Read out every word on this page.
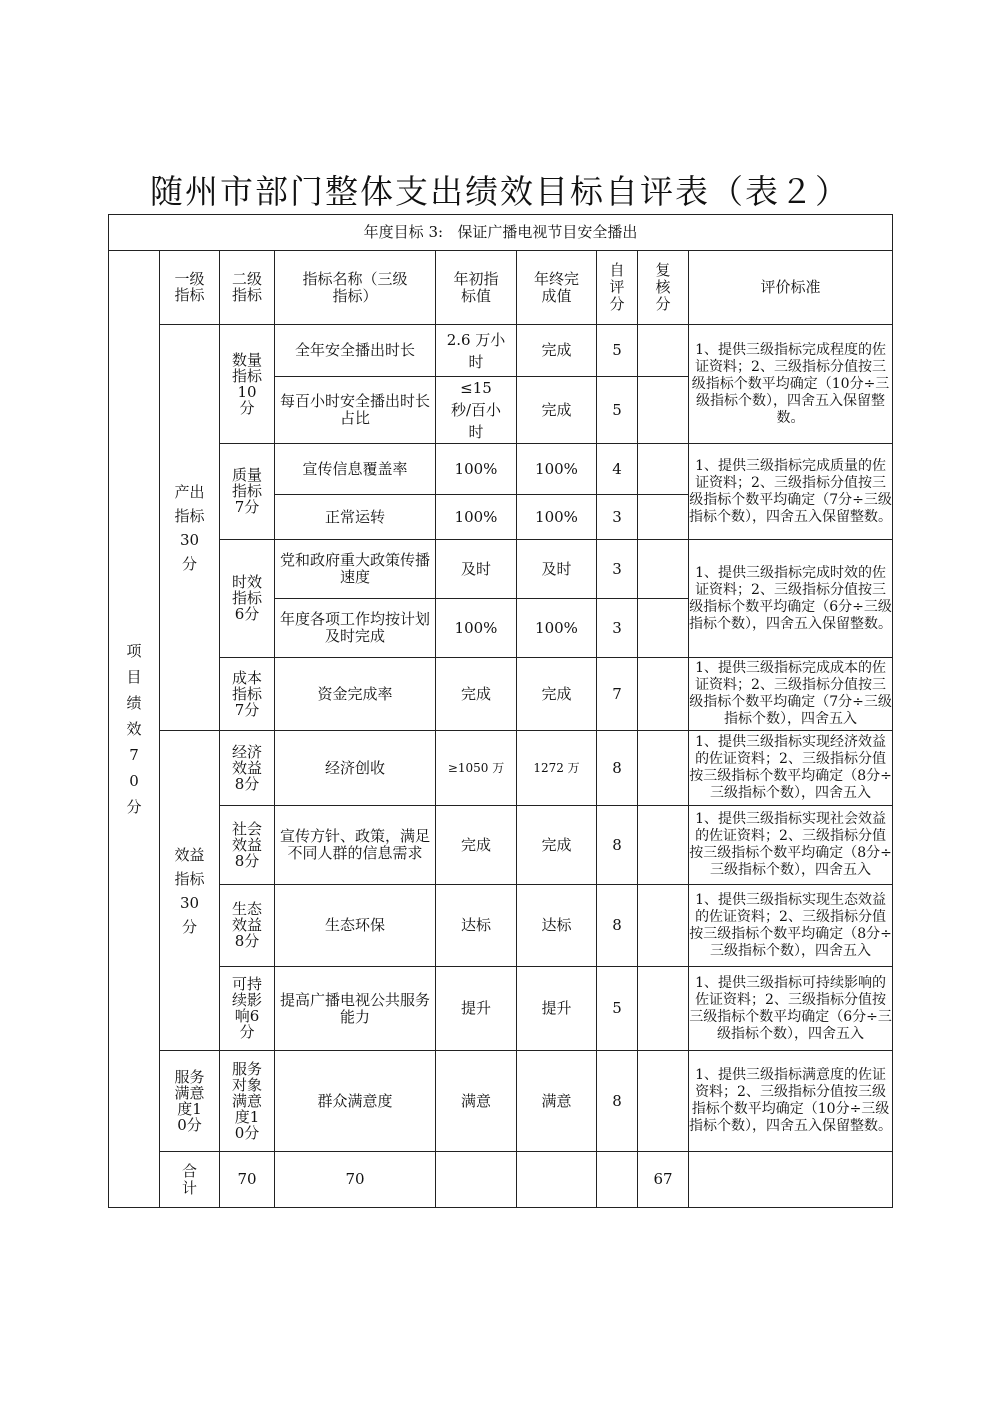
随州市部门整体支出绩效目标自评表（表２）
年度目标 3: 保证广播电视节目安全播出									
项目绩效70分	一级指标	二级指标	指标名称（三级指标）	年初指标值	年终完成值	自评分	复核分	评价标准	
	产出指标30分	数量指标10分	全年安全播出时长	2.6 万小时	完成	5		1、提供三级指标完成程度的佐证资料；2、三级指标分值按三级指标个数平均确定（10分÷三级指标个数），四舍五入保留整数。	

			每百小时安全播出时长占比	≤15 秒/百小时	完成	5			
		质量指标7分	宣传信息覆盖率	100%	100%	4		1、提供三级指标完成质量的佐证资料；2、三级指标分值按三级指标个数平均确定（7分÷三级指标个数），四舍五入保留整数。	

			正常运转	100%	100%	3			
		时效指标6分	党和政府重大政策传播速度	及时	及时	3		1、提供三级指标完成时效的佐证资料；2、三级指标分值按三级指标个数平均确定（6分÷三级指标个数），四舍五入保留整数。	

			年度各项工作均按计划及时完成	100%	100%	3			
		成本指标7分	资金完成率	完成	完成	7		1、提供三级指标完成成本的佐证资料；2、三级指标分值按三级指标个数平均确定（7分÷三级指标个数），四舍五入	

	效益指标30分	经济效益8分	经济创收	≥1050 万	1272 万	8		1、提供三级指标实现经济效益的佐证资料；2、三级指标分值按三级指标个数平均确定（8分÷三级指标个数），四舍五入	

		社会效益8分	宣传方针、政策，满足不同人群的信息需求	完成	完成	8		1、提供三级指标实现社会效益的佐证资料；2、三级指标分值按三级指标个数平均确定（8分÷三级指标个数），四舍五入	

		生态效益8分	生态环保	达标	达标	8		1、提供三级指标实现生态效益的佐证资料；2、三级指标分值按三级指标个数平均确定（8分÷三级指标个数），四舍五入	

		可持续影响6分	提高广播电视公共服务能力	提升	提升	5		1、提供三级指标可持续影响的佐证资料；2、三级指标分值按三级指标个数平均确定（6分÷三级指标个数），四舍五入	

	服务满意度10分	服务对象满意度10分	群众满意度	满意	满意	8		1、提供三级指标满意度的佐证资料；2、三级指标分值按三级指标个数平均确定（10分÷三级指标个数），四舍五入保留整数。	

	合计	70	70				67		
